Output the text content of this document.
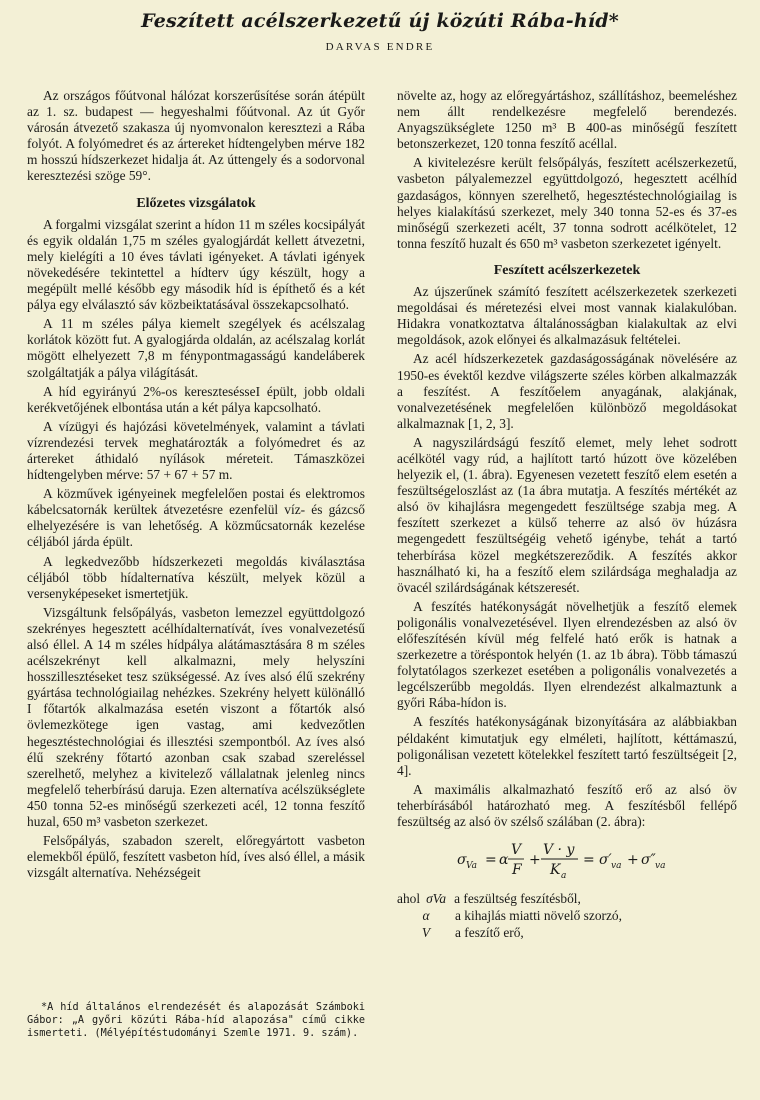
Feszített acélszerkezetű új közúti Rába-híd*
DARVAS ENDRE

Az országos főútvonal hálózat korszerűsítése során átépült az 1. sz. budapest — hegyeshalmi főútvonal. Az út Győr városán átvezető szakasza új nyomvonalon keresztezi a Rába folyót. A folyómedret és az ártereket hídtengelyben mérve 182 m hosszú hídszerkezet hidalja át. Az úttengely és a sodorvonal keresztezési szöge 59°.

Előzetes vizsgálatok

A forgalmi vizsgálat szerint a hídon 11 m széles kocsipályát és egyik oldalán 1,75 m széles gyalogjárdát kellett átvezetni, mely kielégíti a 10 éves távlati igényeket. A távlati igények növekedésére tekintettel a hídterv úgy készült, hogy a megépült mellé később egy második híd is építhető és a két pálya egy elválasztó sáv közbeiktatásával összekapcsolható.

A 11 m széles pálya kiemelt szegélyek és acélszalag korlátok között fut. A gyalogjárda oldalán, az acélszalag korlát mögött elhelyezett 7,8 m fénypontmagasságú kandeláberek szolgáltatják a pálya világítását.

A híd egyirányú 2%-os keresztesésseI épült, jobb oldali kerékvetőjének elbontása után a két pálya kapcsolható.

A vízügyi és hajózási követelmények, valamint a távlati vízrendezési tervek meghatározták a folyómedret és az ártereket áthidaló nyílások méreteit. Támaszközei hídtengelyben mérve: 57 + 67 + 57 m.

A közművek igényeinek megfelelően postai és elektromos kábelcsatornák kerültek átvezetésre ezenfelül víz- és gázcső elhelyezésére is van lehetőség. A közműcsatornák kezelése céljából járda épült.

A legkedvezőbb hídszerkezeti megoldás kiválasztása céljából több hídalternatíva készült, melyek közül a versenyképeseket ismertetjük.

Vizsgáltunk felsőpályás, vasbeton lemezzel együttdolgozó szekrényes hegesztett acélhídalternatívát, íves vonalvezetésű alsó éllel. A 14 m széles hídpálya alátámasztására 8 m széles acélszekrényt kell alkalmazni, mely helyszíni hosszillesztéseket tesz szükségessé. Az íves alsó élű szekrény gyártása technológiailag nehézkes. Szekrény helyett különálló I főtartók alkalmazása esetén viszont a főtartók alsó övlemezkötege igen vastag, ami kedvezőtlen hegesztéstechnológiai és illesztési szempontból. Az íves alsó élű szekrény főtartó azonban csak szabad szereléssel szerelhető, melyhez a kivitelező vállalatnak jelenleg nincs megfelelő teherbírású daruja. Ezen alternatíva acélszükséglete 450 tonna 52-es minőségű szerkezeti acél, 12 tonna feszítő huzal, 650 m³ vasbeton szerkezet.

Felsőpályás, szabadon szerelt, előregyártott vasbeton elemekből épülő, feszített vasbeton híd, íves alsó éllel, a másik vizsgált alternatíva. Nehézségeit

*A híd általános elrendezését és alapozását Számboki Gábor: „A győri közúti Rába-híd alapozása" című cikke ismerteti. (Mélyépítéstudományi Szemle 1971. 9. szám).

növelte az, hogy az előregyártáshoz, szállításhoz, beemeléshez nem állt rendelkezésre megfelelő berendezés. Anyagszükséglete 1250 m³ B 400-as minőségű feszített betonszerkezet, 120 tonna feszítő acéllal.

A kivitelezésre került felsőpályás, feszített acélszerkezetű, vasbeton pályalemezzel együttdolgozó, hegesztett acélhíd gazdaságos, könnyen szerelhető, hegesztéstechnológiailag is helyes kialakítású szerkezet, mely 340 tonna 52-es és 37-es minőségű szerkezeti acélt, 37 tonna sodrott acélkötelet, 12 tonna feszítő huzalt és 650 m³ vasbeton szerkezetet igényelt.

Feszített acélszerkezetek

Az újszerűnek számító feszített acélszerkezetek szerkezeti megoldásai és méretezési elvei most vannak kialakulóban. Hidakra vonatkoztatva általánosságban kialakultak az elvi megoldások, azok előnyei és alkalmazásuk feltételei.

Az acél hídszerkezetek gazdaságosságának növelésére az 1950-es évektől kezdve világszerte széles körben alkalmazzák a feszítést. A feszítőelem anyagának, alakjának, vonalvezetésének megfelelően különböző megoldásokat alkalmaznak [1, 2, 3].

A nagyszilárdságú feszítő elemet, mely lehet sodrott acélkötél vagy rúd, a hajlított tartó húzott öve közelében helyezik el, (1. ábra). Egyenesen vezetett feszítő elem esetén a feszültségeloszlást az (1a ábra mutatja. A feszítés mértékét az alsó öv kihajlásra megengedett feszültsége szabja meg. A feszített szerkezet a külső teherre az alsó öv húzásra megengedett feszültségéig vehető igénybe, tehát a tartó teherbírása közel megkétszereződik. A feszítés akkor használható ki, ha a feszítő elem szilárdsága meghaladja az övacél szilárdságának kétszeresét.

A feszítés hatékonyságát növelhetjük a feszítő elemek poligonális vonalvezetésével. Ilyen elrendezésben az alsó öv előfeszítésén kívül még felfelé ható erők is hatnak a szerkezetre a töréspontok helyén (1. az 1b ábra). Több támaszú folytatólagos szerkezet esetében a poligonális vonalvezetés a legcélszerűbb megoldás. Ilyen elrendezést alkalmaztunk a győri Rába-hídon is.

A feszítés hatékonyságának bizonyítására az alábbiakban példaként kimutatjuk egy elméleti, hajlított, kéttámaszú, poligonálisan vezetett kötelekkel feszített tartó feszültségeit [2, 4].

A maximális alkalmazható feszítő erő az alsó öv teherbírásából határozható meg. A feszítésből fellépő feszültség az alsó öv szélső szálában (2. ábra):

σ Va = α
V
F
+
V · y
K a
= σ′ va + σ″ va
ahol σVa a feszültség feszítésből,
α	a kihajlás miatti növelő szorzó,
V	a feszítő erő,
